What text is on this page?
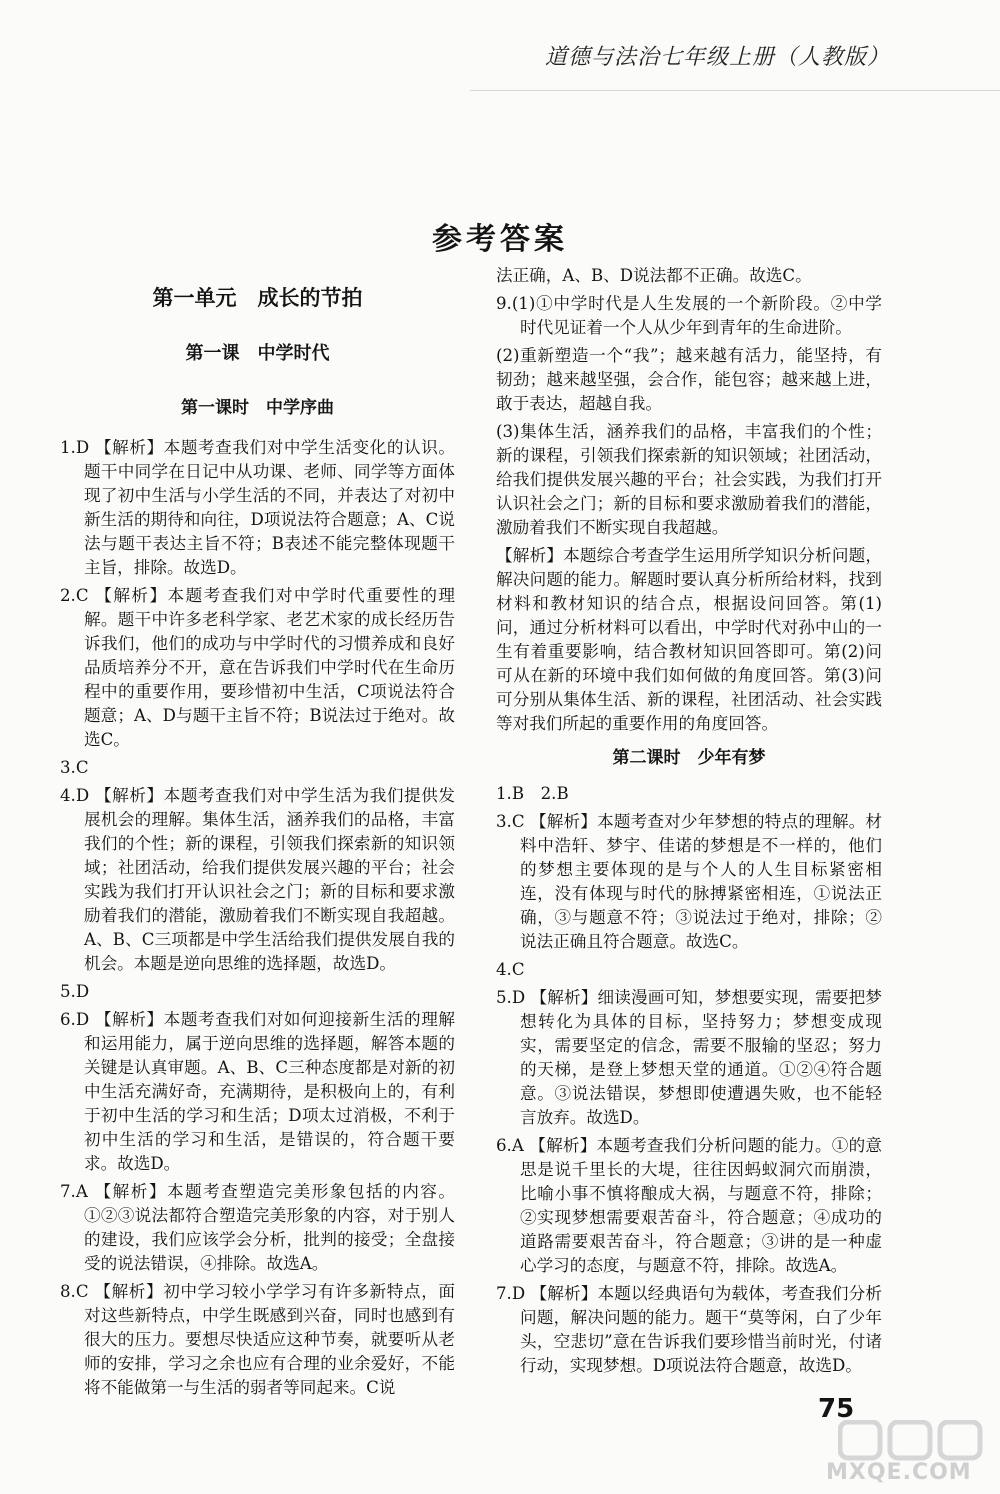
道德与法治七年级上册（人教版）
参考答案
第一单元　成长的节拍
第一课　中学时代
第一课时　中学序曲

1.D 【解析】本题考查我们对中学生活变化的认识。题干中同学在日记中从功课、老师、同学等方面体现了初中生活与小学生活的不同，并表达了对初中新生活的期待和向往，D项说法符合题意；A、C说法与题干表达主旨不符；B表述不能完整体现题干主旨，排除。故选D。

2.C 【解析】本题考查我们对中学时代重要性的理解。题干中许多老科学家、老艺术家的成长经历告诉我们，他们的成功与中学时代的习惯养成和良好品质培养分不开，意在告诉我们中学时代在生命历程中的重要作用，要珍惜初中生活，C项说法符合题意；A、D与题干主旨不符；B说法过于绝对。故选C。

3.C

4.D 【解析】本题考查我们对中学生活为我们提供发展机会的理解。集体生活，涵养我们的品格，丰富我们的个性；新的课程，引领我们探索新的知识领域；社团活动，给我们提供发展兴趣的平台；社会实践为我们打开认识社会之门；新的目标和要求激励着我们的潜能，激励着我们不断实现自我超越。A、B、C三项都是中学生活给我们提供发展自我的机会。本题是逆向思维的选择题，故选D。

5.D

6.D 【解析】本题考查我们对如何迎接新生活的理解和运用能力，属于逆向思维的选择题，解答本题的关键是认真审题。A、B、C三种态度都是对新的初中生活充满好奇，充满期待，是积极向上的，有利于初中生活的学习和生活；D项太过消极，不利于初中生活的学习和生活，是错误的，符合题干要求。故选D。

7.A 【解析】本题考查塑造完美形象包括的内容。①②③说法都符合塑造完美形象的内容，对于别人的建设，我们应该学会分析，批判的接受；全盘接受的说法错误，④排除。故选A。

8.C 【解析】初中学习较小学学习有许多新特点，面对这些新特点，中学生既感到兴奋，同时也感到有很大的压力。要想尽快适应这种节奏，就要听从老师的安排，学习之余也应有合理的业余爱好，不能将不能做第一与生活的弱者等同起来。C说

法正确，A、B、D说法都不正确。故选C。

9.(1)①中学时代是人生发展的一个新阶段。②中学时代见证着一个人从少年到青年的生命进阶。

(2)重新塑造一个“我”；越来越有活力，能坚持，有韧劲；越来越坚强，会合作，能包容；越来越上进，敢于表达，超越自我。

(3)集体生活，涵养我们的品格，丰富我们的个性；新的课程，引领我们探索新的知识领域；社团活动，给我们提供发展兴趣的平台；社会实践，为我们打开认识社会之门；新的目标和要求激励着我们的潜能，激励着我们不断实现自我超越。

【解析】本题综合考查学生运用所学知识分析问题，解决问题的能力。解题时要认真分析所给材料，找到材料和教材知识的结合点，根据设问回答。第(1)问，通过分析材料可以看出，中学时代对孙中山的一生有着重要影响，结合教材知识回答即可。第(2)问可从在新的环境中我们如何做的角度回答。第(3)问可分别从集体生活、新的课程，社团活动、社会实践等对我们所起的重要作用的角度回答。

第二课时　少年有梦

1.B　2.B

3.C 【解析】本题考查对少年梦想的特点的理解。材料中浩轩、梦宇、佳诺的梦想是不一样的，他们的梦想主要体现的是与个人的人生目标紧密相连，没有体现与时代的脉搏紧密相连，①说法正确，③与题意不符；③说法过于绝对，排除；②说法正确且符合题意。故选C。

4.C

5.D 【解析】细读漫画可知，梦想要实现，需要把梦想转化为具体的目标，坚持努力；梦想变成现实，需要坚定的信念，需要不服输的坚忍；努力的天梯，是登上梦想天堂的通道。①②④符合题意。③说法错误，梦想即使遭遇失败，也不能轻言放弃。故选D。

6.A 【解析】本题考查我们分析问题的能力。①的意思是说千里长的大堤，往往因蚂蚁洞穴而崩溃，比喻小事不慎将酿成大祸，与题意不符，排除；②实现梦想需要艰苦奋斗，符合题意；④成功的道路需要艰苦奋斗，符合题意；③讲的是一种虚心学习的态度，与题意不符，排除。故选A。

7.D 【解析】本题以经典语句为载体，考查我们分析问题，解决问题的能力。题干“莫等闲，白了少年头，空悲切”意在告诉我们要珍惜当前时光，付诸行动，实现梦想。D项说法符合题意，故选D。

75
MXQE.COM
